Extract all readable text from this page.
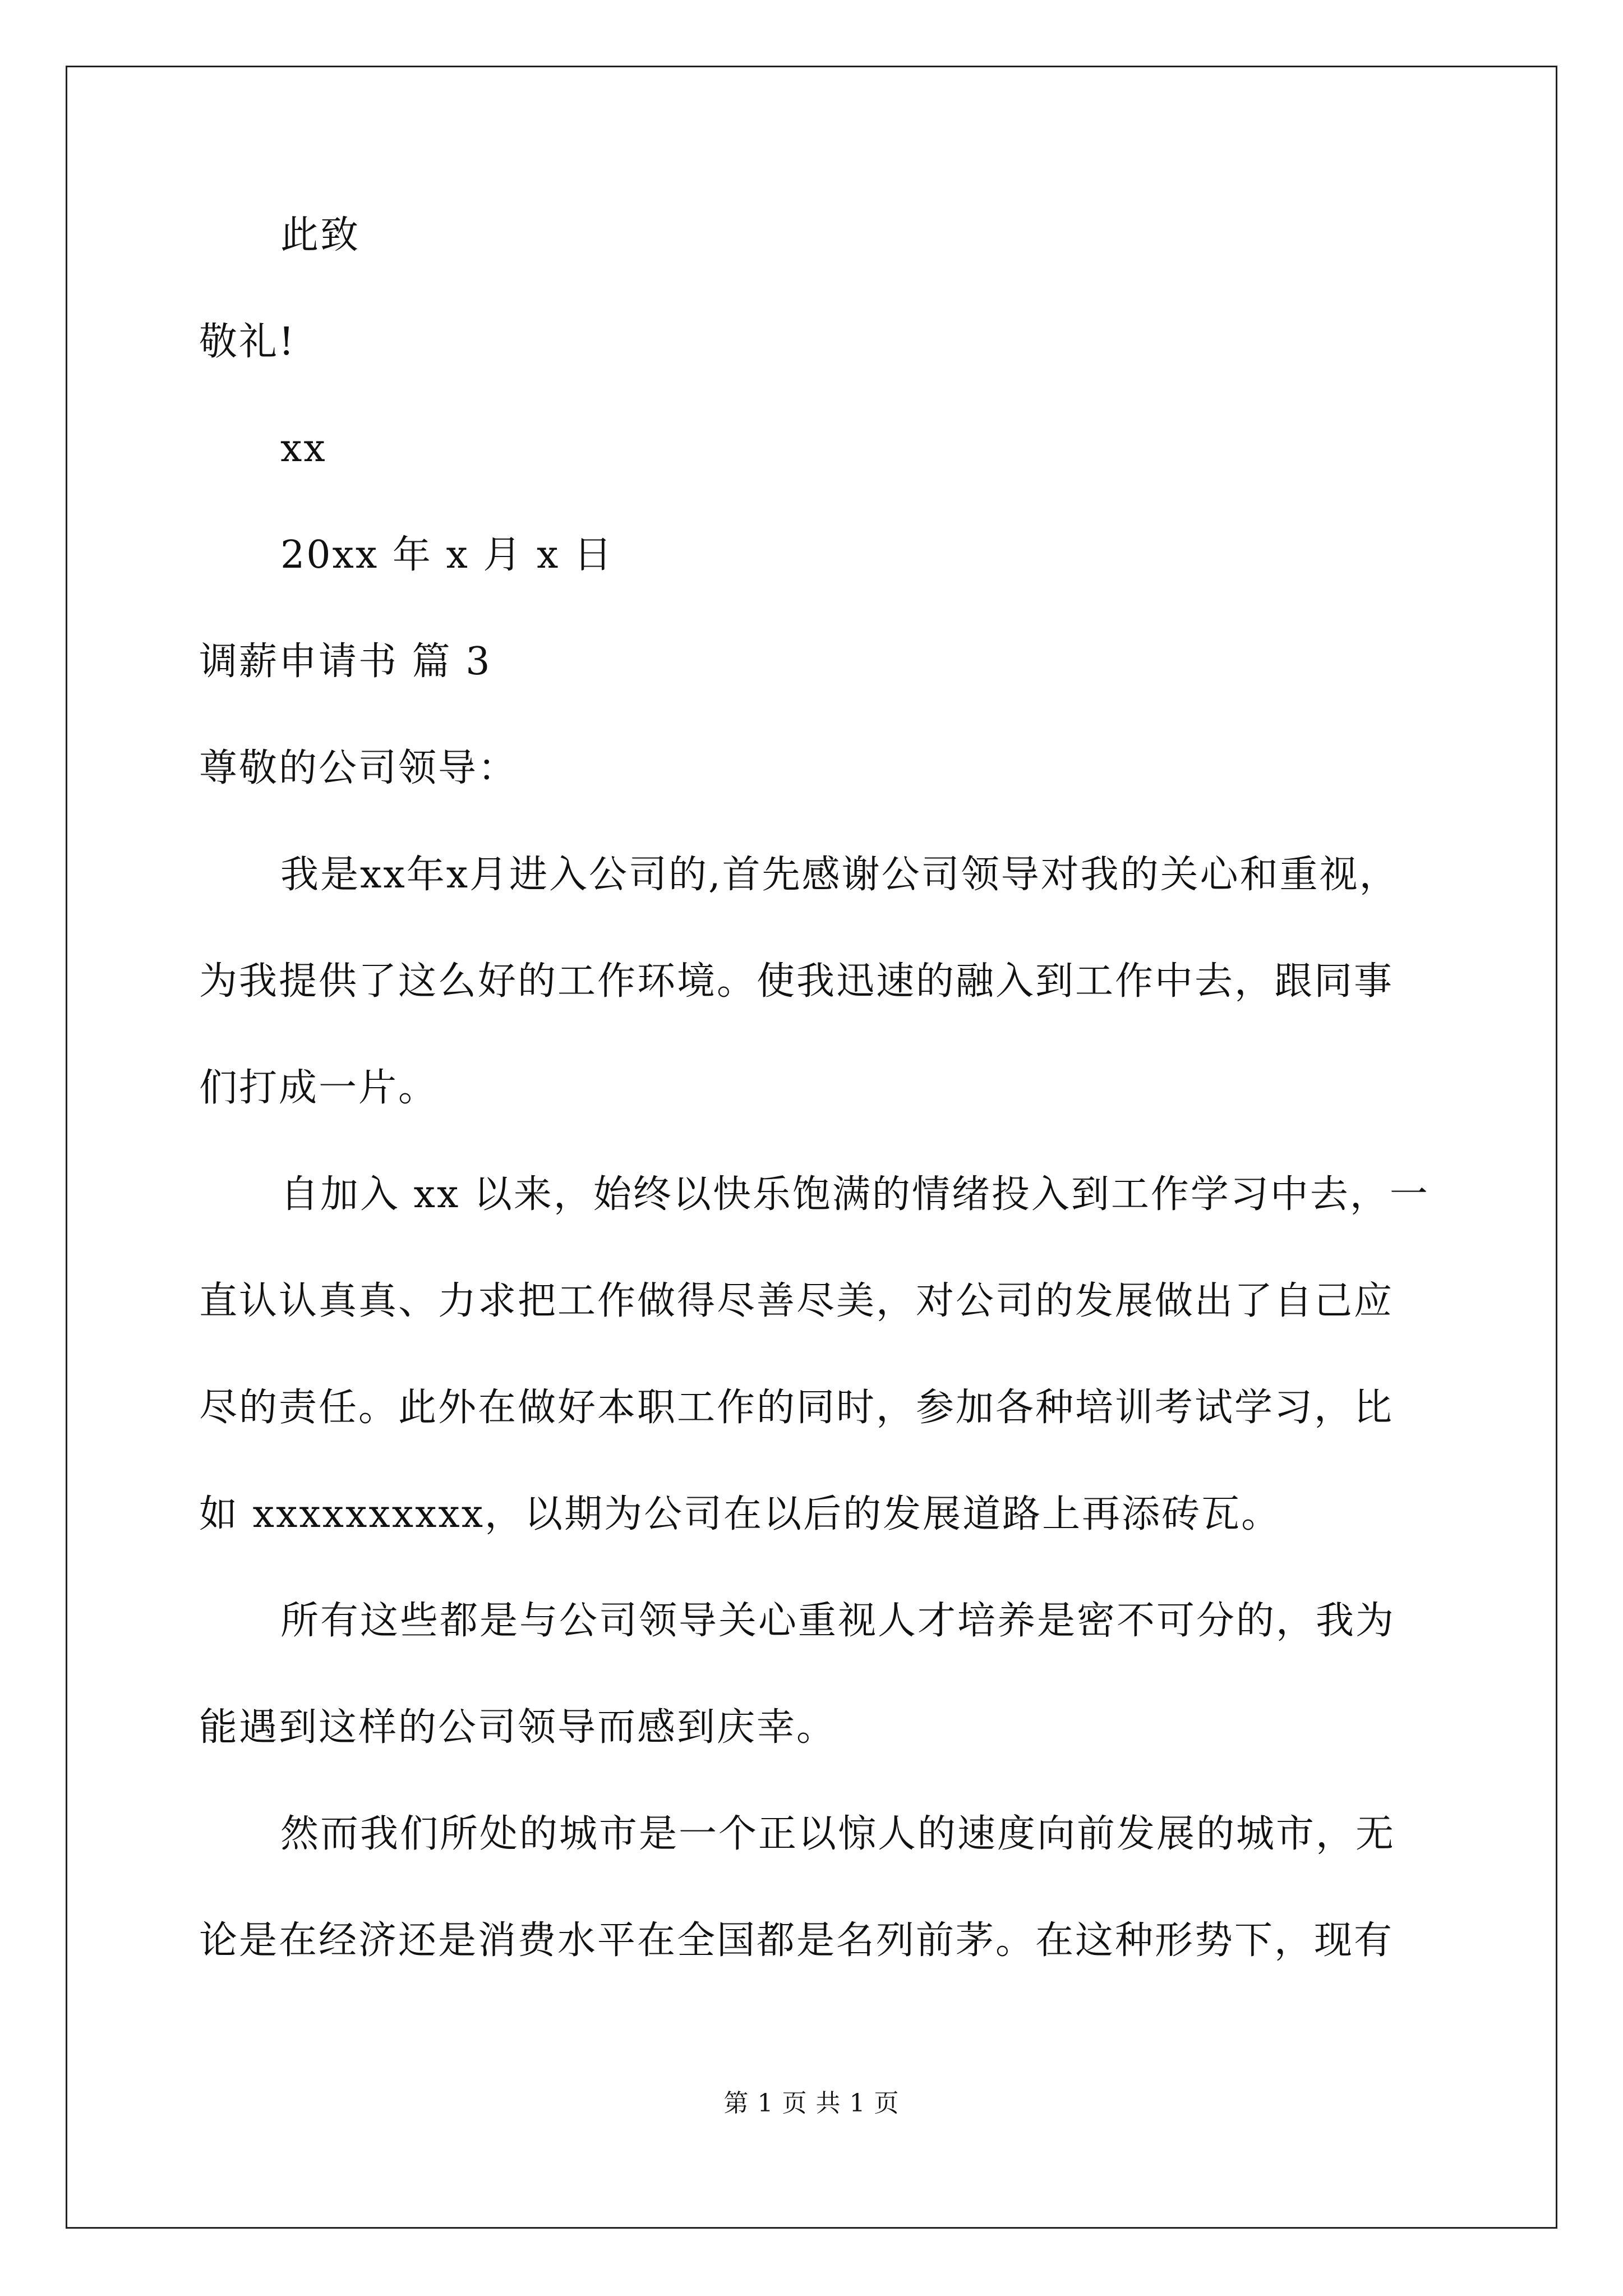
此致
敬礼!
xx
20xx 年 x 月 x 日
调薪申请书 篇 3
尊敬的公司领导：
我是xx年x月进入公司的,首先感谢公司领导对我的关心和重视，
为我提供了这么好的工作环境。使我迅速的融入到工作中去，跟同事
们打成一片。
自加入 xx 以来，始终以快乐饱满的情绪投入到工作学习中去，一
直认认真真、力求把工作做得尽善尽美，对公司的发展做出了自己应
尽的责任。此外在做好本职工作的同时，参加各种培训考试学习，比
如 xxxxxxxxxx，以期为公司在以后的发展道路上再添砖瓦。
所有这些都是与公司领导关心重视人才培养是密不可分的，我为
能遇到这样的公司领导而感到庆幸。
然而我们所处的城市是一个正以惊人的速度向前发展的城市，无
论是在经济还是消费水平在全国都是名列前茅。在这种形势下，现有
第 1 页 共 1 页
